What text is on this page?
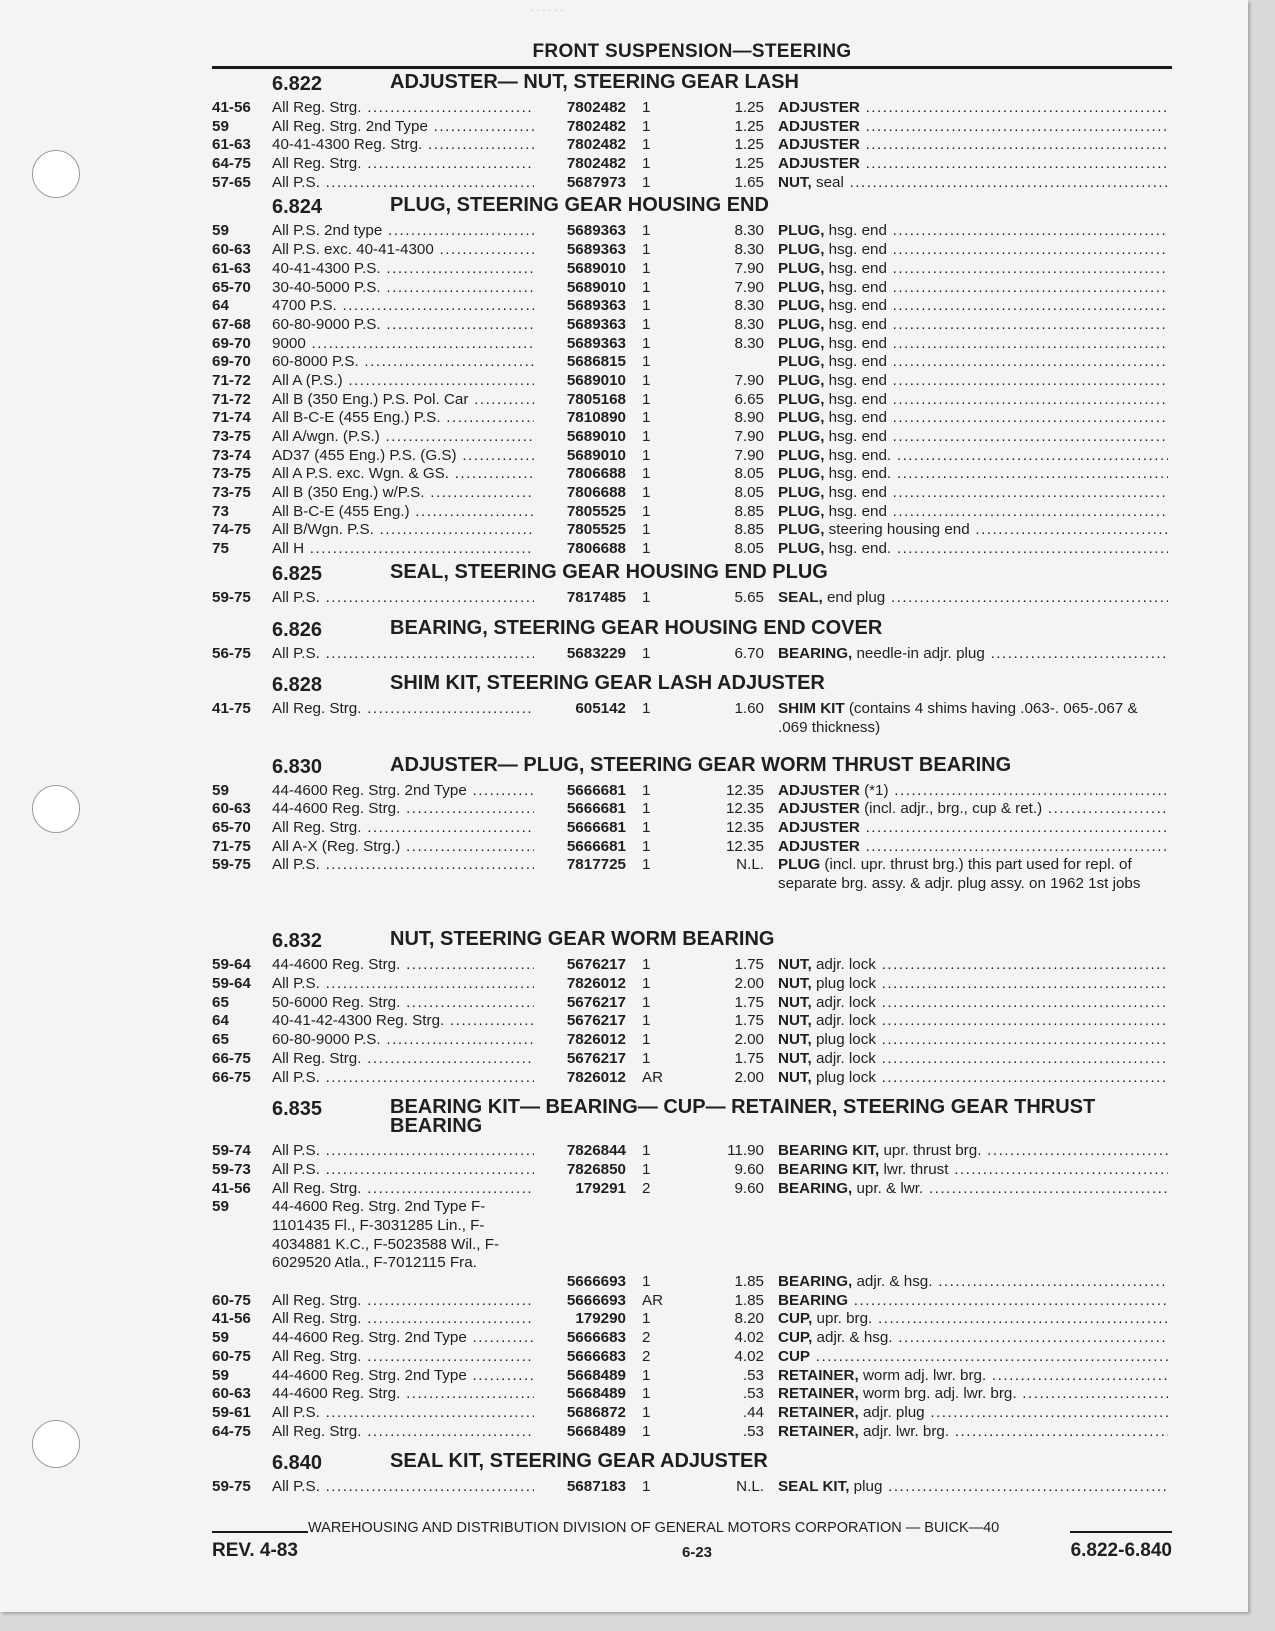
· · · · · ·
FRONT SUSPENSION—STEERING
6.822	ADJUSTER— NUT, STEERING GEAR LASH
41-56 All Reg. Strg. .....	7802482 1	1.25 ADJUSTER .....
59	All Reg. Strg. 2nd Type .....	7802482 1	1.25 ADJUSTER .....
61-63 40-41-4300 Reg. Strg. .....	7802482 1	1.25 ADJUSTER .....
64-75 All Reg. Strg. .....	7802482 1	1.25 ADJUSTER .....
57-65 All P.S. .....	5687973 1	1.65 NUT, seal .....
6.824	PLUG, STEERING GEAR HOUSING END
59	All P.S. 2nd type .....	5689363 1	8.30 PLUG, hsg. end .....
60-63 All P.S. exc. 40-41-4300 .....	5689363 1	8.30 PLUG, hsg. end .....
61-63 40-41-4300 P.S. .....	5689010 1	7.90 PLUG, hsg. end .....
65-70 30-40-5000 P.S. .....	5689010 1	7.90 PLUG, hsg. end .....
64	4700 P.S. .....	5689363 1	8.30 PLUG, hsg. end .....
67-68 60-80-9000 P.S. .....	5689363 1	8.30 PLUG, hsg. end .....
69-70 9000 .....	5689363 1	8.30 PLUG, hsg. end .....
69-70 60-8000 P.S. .....	5686815 1	PLUG, hsg. end .....
71-72 All A (P.S.) .....	5689010 1	7.90 PLUG, hsg. end .....
71-72 All B (350 Eng.) P.S. Pol. Car .....	7805168 1	6.65 PLUG, hsg. end .....
71-74 All B-C-E (455 Eng.) P.S. .....	7810890 1	8.90 PLUG, hsg. end .....
73-75 All A/wgn. (P.S.) .....	5689010 1	7.90 PLUG, hsg. end .....
73-74 AD37 (455 Eng.) P.S. (G.S) .....	5689010 1	7.90 PLUG, hsg. end. .....
73-75 All A P.S. exc. Wgn. & GS. .....	7806688 1	8.05 PLUG, hsg. end. .....
73-75 All B (350 Eng.) w/P.S. .....	7806688 1	8.05 PLUG, hsg. end .....
73	All B-C-E (455 Eng.) .....	7805525 1	8.85 PLUG, hsg. end .....
74-75 All B/Wgn. P.S. .....	7805525 1	8.85 PLUG, steering housing end .....
75	All H .....	7806688 1	8.05 PLUG, hsg. end. .....
6.825	SEAL, STEERING GEAR HOUSING END PLUG
59-75 All P.S. .....	7817485 1	5.65 SEAL, end plug .....
6.826	BEARING, STEERING GEAR HOUSING END COVER
56-75 All P.S. .....	5683229 1	6.70 BEARING, needle-in adjr. plug .....
6.828	SHIM KIT, STEERING GEAR LASH ADJUSTER
41-75 All Reg. Strg. .....	605142 1	1.60 SHIM KIT (contains 4 shims having .063-. 065-.067 & .069 thickness)
6.830	ADJUSTER— PLUG, STEERING GEAR WORM THRUST BEARING
59	44-4600 Reg. Strg. 2nd Type .....	5666681 1	12.35 ADJUSTER (*1) .....
60-63 44-4600 Reg. Strg. .....	5666681 1	12.35 ADJUSTER (incl. adjr., brg., cup & ret.) .....
65-70 All Reg. Strg. .....	5666681 1	12.35 ADJUSTER .....
71-75 All A-X (Reg. Strg.) .....	5666681 1	12.35 ADJUSTER .....
59-75 All P.S. .....	7817725 1	N.L. PLUG (incl. upr. thrust brg.) this part used for repl. of separate brg. assy. & adjr. plug assy. on 1962 1st jobs
6.832	NUT, STEERING GEAR WORM BEARING
59-64 44-4600 Reg. Strg. .....	5676217 1	1.75 NUT, adjr. lock .....
59-64 All P.S. .....	7826012 1	2.00 NUT, plug lock .....
65	50-6000 Reg. Strg. .....	5676217 1	1.75 NUT, adjr. lock .....
64	40-41-42-4300 Reg. Strg. .....	5676217 1	1.75 NUT, adjr. lock .....
65	60-80-9000 P.S. .....	7826012 1	2.00 NUT, plug lock .....
66-75 All Reg. Strg. .....	5676217 1	1.75 NUT, adjr. lock .....
66-75 All P.S. .....	7826012 AR	2.00 NUT, plug lock .....
6.835	BEARING KIT— BEARING— CUP— RETAINER, STEERING GEAR THRUST BEARING
59-74 All P.S. .....	7826844 1	11.90 BEARING KIT, upr. thrust brg. .....
59-73 All P.S. .....	7826850 1	9.60 BEARING KIT, lwr. thrust .....
41-56 All Reg. Strg. .....	179291 2	9.60 BEARING, upr. & lwr. .....
59	44-4600 Reg. Strg. 2nd Type F-1101435 Fl., F-3031285 Lin., F-4034881 K.C., F-5023588 Wil., F-6029520 Atla., F-7012115 Fra.
5666693 1	1.85 BEARING, adjr. & hsg. .....
60-75 All Reg. Strg. .....	5666693 AR	1.85 BEARING .....
41-56 All Reg. Strg. .....	179290 1	8.20 CUP, upr. brg. .....
59	44-4600 Reg. Strg. 2nd Type .....	5666683 2	4.02 CUP, adjr. & hsg. .....
60-75 All Reg. Strg. .....	5666683 2	4.02 CUP .....
59	44-4600 Reg. Strg. 2nd Type .....	5668489 1	.53 RETAINER, worm adj. lwr. brg. .....
60-63 44-4600 Reg. Strg. .....	5668489 1	.53 RETAINER, worm brg. adj. lwr. brg. .....
59-61 All P.S. .....	5686872 1	.44 RETAINER, adjr. plug .....
64-75 All Reg. Strg. .....	5668489 1	.53 RETAINER, adjr. lwr. brg. .....
6.840	SEAL KIT, STEERING GEAR ADJUSTER
59-75 All P.S. .....	5687183 1	N.L. SEAL KIT, plug .....
WAREHOUSING AND DISTRIBUTION DIVISION OF GENERAL MOTORS CORPORATION — BUICK—40
REV. 4-83	6-23	6.822-6.840
